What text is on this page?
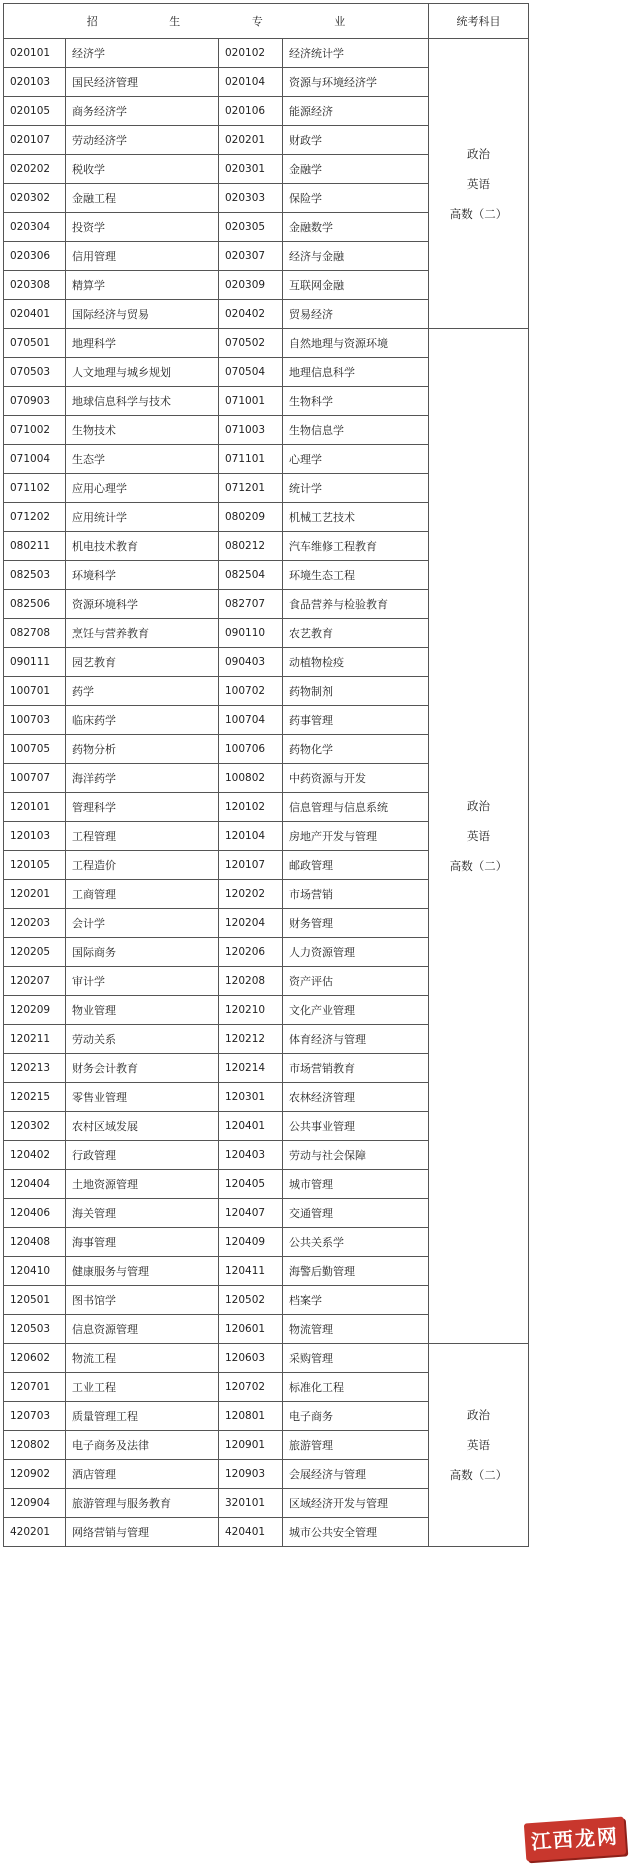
招 生 专 业				统考科目
020101	经济学	020102	经济统计学	政治
英语
高数（二）

020103	国民经济管理	020104	资源与环境经济学	
020105	商务经济学	020106	能源经济	
020107	劳动经济学	020201	财政学	
020202	税收学	020301	金融学	
020302	金融工程	020303	保险学	
020304	投资学	020305	金融数学	
020306	信用管理	020307	经济与金融	
020308	精算学	020309	互联网金融	
020401	国际经济与贸易	020402	贸易经济	
070501	地理科学	070502	自然地理与资源环境	政治
英语
高数（二）

070503	人文地理与城乡规划	070504	地理信息科学	
070903	地球信息科学与技术	071001	生物科学	
071002	生物技术	071003	生物信息学	
071004	生态学	071101	心理学	
071102	应用心理学	071201	统计学	
071202	应用统计学	080209	机械工艺技术	
080211	机电技术教育	080212	汽车维修工程教育	
082503	环境科学	082504	环境生态工程	
082506	资源环境科学	082707	食品营养与检验教育	
082708	烹饪与营养教育	090110	农艺教育	
090111	园艺教育	090403	动植物检疫	
100701	药学	100702	药物制剂	
100703	临床药学	100704	药事管理	
100705	药物分析	100706	药物化学	
100707	海洋药学	100802	中药资源与开发	
120101	管理科学	120102	信息管理与信息系统	
120103	工程管理	120104	房地产开发与管理	
120105	工程造价	120107	邮政管理	
120201	工商管理	120202	市场营销	
120203	会计学	120204	财务管理	
120205	国际商务	120206	人力资源管理	
120207	审计学	120208	资产评估	
120209	物业管理	120210	文化产业管理	
120211	劳动关系	120212	体育经济与管理	
120213	财务会计教育	120214	市场营销教育	
120215	零售业管理	120301	农林经济管理	
120302	农村区域发展	120401	公共事业管理	
120402	行政管理	120403	劳动与社会保障	
120404	土地资源管理	120405	城市管理	
120406	海关管理	120407	交通管理	
120408	海事管理	120409	公共关系学	
120410	健康服务与管理	120411	海警后勤管理	
120501	图书馆学	120502	档案学	
120503	信息资源管理	120601	物流管理	
120602	物流工程	120603	采购管理	政治
英语
高数（二）

120701	工业工程	120702	标准化工程	
120703	质量管理工程	120801	电子商务	
120802	电子商务及法律	120901	旅游管理	
120902	酒店管理	120903	会展经济与管理	
120904	旅游管理与服务教育	320101	区域经济开发与管理	
420201	网络营销与管理	420401	城市公共安全管理	
江西龙网
